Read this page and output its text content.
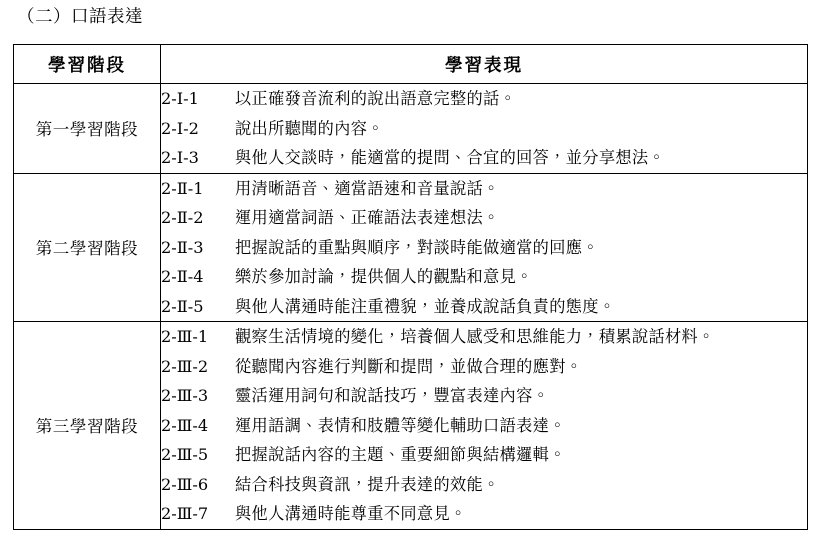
（二）口語表達
學習階段	學習表現
第一學習階段	
2-Ⅰ-1	以正確發音流利的說出語意完整的話。
2-Ⅰ-2	說出所聽聞的內容。
2-Ⅰ-3	與他人交談時，能適當的提問、合宜的回答，並分享想法。

第二學習階段	
2-Ⅱ-1	用清晰語音、適當語速和音量說話。
2-Ⅱ-2	運用適當詞語、正確語法表達想法。
2-Ⅱ-3	把握說話的重點與順序，對談時能做適當的回應。
2-Ⅱ-4	樂於參加討論，提供個人的觀點和意見。
2-Ⅱ-5	與他人溝通時能注重禮貌，並養成說話負責的態度。

第三學習階段	
2-Ⅲ-1	觀察生活情境的變化，培養個人感受和思維能力，積累說話材料。
2-Ⅲ-2	從聽聞內容進行判斷和提問，並做合理的應對。
2-Ⅲ-3	靈活運用詞句和說話技巧，豐富表達內容。
2-Ⅲ-4	運用語調、表情和肢體等變化輔助口語表達。
2-Ⅲ-5	把握說話內容的主題、重要細節與結構邏輯。
2-Ⅲ-6	結合科技與資訊，提升表達的效能。
2-Ⅲ-7	與他人溝通時能尊重不同意見。
